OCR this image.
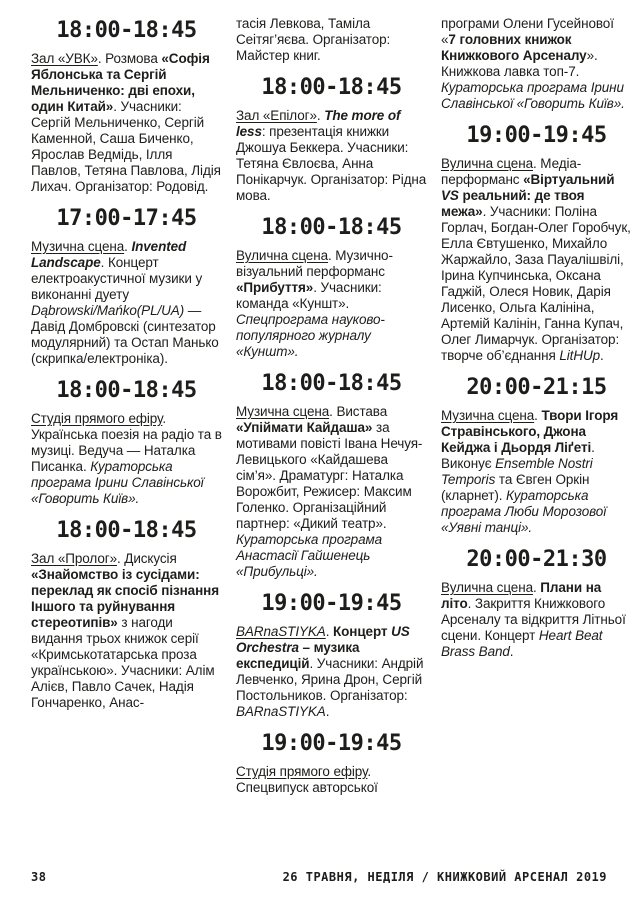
18:00-18:45

Зал «УВК». Розмова «Софія Яблонська та Сергій Мельниченко: дві епохи, один Китай». Учасники: Сергій Мельниченко, Сергій Каменной, Саша Биченко, Ярослав Ведмідь, Ілля Павлов, Тетяна Павлова, Лідія Лихач. Організатор: Родовід.

17:00-17:45

Музична сцена. Invented Landscape. Концерт електроакустичної музики у виконанні дуету Dąbrowski/Mańko(PL/UA) — Давід Домбровскі (синтезатор модулярний) та Остап Манько (скрипка/електроніка).

18:00-18:45

Студія прямого ефіру. Українська поезія на радіо та в музиці. Ведуча — Наталка Писанка. Кураторська програма Ірини Славінської «Говорить Київ».

18:00-18:45

Зал «Пролог». Дискусія «Знайомство із сусідами: переклад як спосіб пізнання Іншого та руйнування стереотипів» з нагоди видання трьох книжок серії «Кримськотатарська проза українською». Учасники: Алім Алієв, Павло Сачек, Надія Гончаренко, Анас-

тасія Левкова, Таміла Сеітяг’яєва. Організатор: Майстер книг.

18:00-18:45

Зал «Епілог». The more of less: презентація книжки Джошуа Беккера. Учасники: Тетяна Євлоєва, Анна Понікарчук. Організатор: Рідна мова.

18:00-18:45

Вулична сцена. Музично-візуальний перформанс «Прибуття». Учасники: команда «Куншт». Спецпрограма науково-популярного журналу «Куншт».

18:00-18:45

Музична сцена. Вистава «Упіймати Кайдаша» за мотивами повісті Івана Нечуя-Левицького «Кайдашева сім’я». Драматург: Наталка Ворожбит, Режисер: Максим Голенко. Організаційний партнер: «Дикий театр». Кураторська програма Анастасії Гайшенець «Прибульці».

19:00-19:45

BARnaSTIYKA. Концерт US Orchestra – музика експедицій. Учасники: Андрій Левченко, Ярина Дрон, Сергій Постольников. Організатор: BARnaSTIYKA.

19:00-19:45

Студія прямого ефіру. Спецвипуск авторської

програми Олени Гусейнової «7 головних книжок Книжкового Арсеналу». Книжкова лавка топ-7. Кураторська програма Ірини Славінської «Говорить Київ».

19:00-19:45

Вулична сцена. Медіа-перформанс «Віртуальний VS реальний: де твоя межа». Учасники: Поліна Горлач, Богдан-Олег Горобчук, Елла Євтушенко, Михайло Жаржайло, Заза Пауалішвілі, Ірина Купчинська, Оксана Гаджій, Олеся Новик, Дарія Лисенко, Ольга Калініна, Артемій Калінін, Ганна Купач, Олег Лимарчук. Організатор: творче об’єднання LitHUp.

20:00-21:15

Музична сцена. Твори Ігоря Стравінського, Джона Кейджа і Дьордя Ліґеті. Виконує Ensemble Nostri Temporis та Євген Оркін (кларнет). Кураторська програма Люби Морозової «Уявні танці».

20:00-21:30

Вулична сцена. Плани на літо. Закриття Книжкового Арсеналу та відкриття Літньої сцени. Концерт Heart Beat Brass Band.

38	26 ТРАВНЯ, НЕДІЛЯ / КНИЖКОВИЙ АРСЕНАЛ 2019
